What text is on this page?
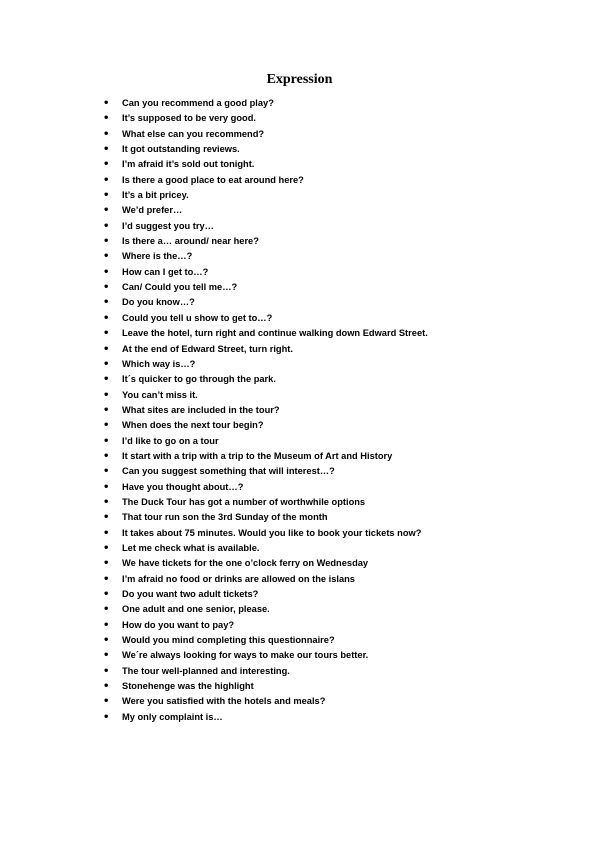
Expression
• Can you recommend a good play?
• It’s supposed to be very good.
• What else can you recommend?
• It got outstanding reviews.
• I’m afraid it’s sold out tonight.
• Is there a good place to eat around here?
• It’s a bit pricey.
• We’d prefer…
• I’d suggest you try…
• Is there a… around/ near here?
• Where is the…?
• How can I get to…?
• Can/ Could you tell me…?
• Do you know…?
• Could you tell u show to get to…?
• Leave the hotel, turn right and continue walking down Edward Street.
• At the end of Edward Street, turn right.
• Which way is…?
• It´s quicker to go through the park.
• You can’t miss it.
• What sites are included in the tour?
• When does the next tour begin?
• I’d like to go on a tour
• It start with a trip with a trip to the Museum of Art and History
• Can you suggest something that will interest…?
• Have you thought about…?
• The Duck Tour has got a number of worthwhile options
• That tour run son the 3rd Sunday of the month
• It takes about 75 minutes. Would you like to book your tickets now?
• Let me check what is available.
• We have tickets for the one o’clock ferry on Wednesday
• I’m afraid no food or drinks are allowed on the islans
• Do you want two adult tickets?
• One adult and one senior, please.
• How do you want to pay?
• Would you mind completing this questionnaire?
• We´re always looking for ways to make our tours better.
• The tour well-planned and interesting.
• Stonehenge was the highlight
• Were you satisfied with the hotels and meals?
• My only complaint is…
